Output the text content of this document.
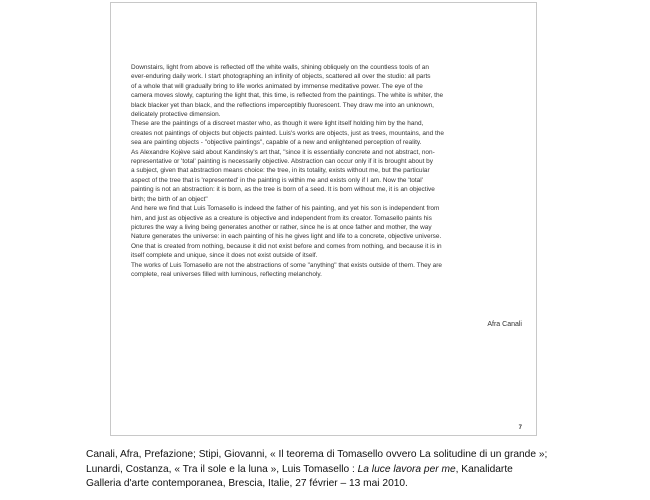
Downstairs, light from above is reflected off the white walls, shining obliquely on the countless tools of an
ever-enduring daily work. I start photographing an infinity of objects, scattered all over the studio: all parts
of a whole that will gradually bring to life works animated by immense meditative power. The eye of the
camera moves slowly, capturing the light that, this time, is reflected from the paintings. The white is whiter, the
black blacker yet than black, and the reflections imperceptibly fluorescent. They draw me into an unknown,
delicately protective dimension.
These are the paintings of a discreet master who, as though it were light itself holding him by the hand,
creates not paintings of objects but objects painted. Luis's works are objects, just as trees, mountains, and the
sea are painting objects - "objective paintings", capable of a new and enlightened perception of reality.
As Alexandre Kojève said about Kandinsky's art that, "since it is essentially concrete and not abstract, non-
representative or 'total' painting is necessarily objective. Abstraction can occur only if it is brought about by
a subject, given that abstraction means choice: the tree, in its totality, exists without me, but the particular
aspect of the tree that is 'represented' in the painting is within me and exists only if I am. Now the 'total'
painting is not an abstraction: it is born, as the tree is born of a seed. It is born without me, it is an objective
birth; the birth of an object"
And here we find that Luis Tomasello is indeed the father of his painting, and yet his son is independent from
him, and just as objective as a creature is objective and independent from its creator. Tomasello paints his
pictures the way a living being generates another or rather, since he is at once father and mother, the way
Nature generates the universe: in each painting of his he gives light and life to a concrete, objective universe.
One that is created from nothing, because it did not exist before and comes from nothing, and because it is in
itself complete and unique, since it does not exist outside of itself.
The works of Luis Tomasello are not the abstractions of some "anything" that exists outside of them. They are
complete, real universes filled with luminous, reflecting melancholy.
Afra Canali
7
Canali, Afra, Prefazione; Stipi, Giovanni, « Il teorema di Tomasello ovvero La solitudine di un grande »;
Lunardi, Costanza, « Tra il sole e la luna », Luis Tomasello : La luce lavora per me, Kanalidarte
Galleria d'arte contemporanea, Brescia, Italie, 27 février – 13 mai 2010.
